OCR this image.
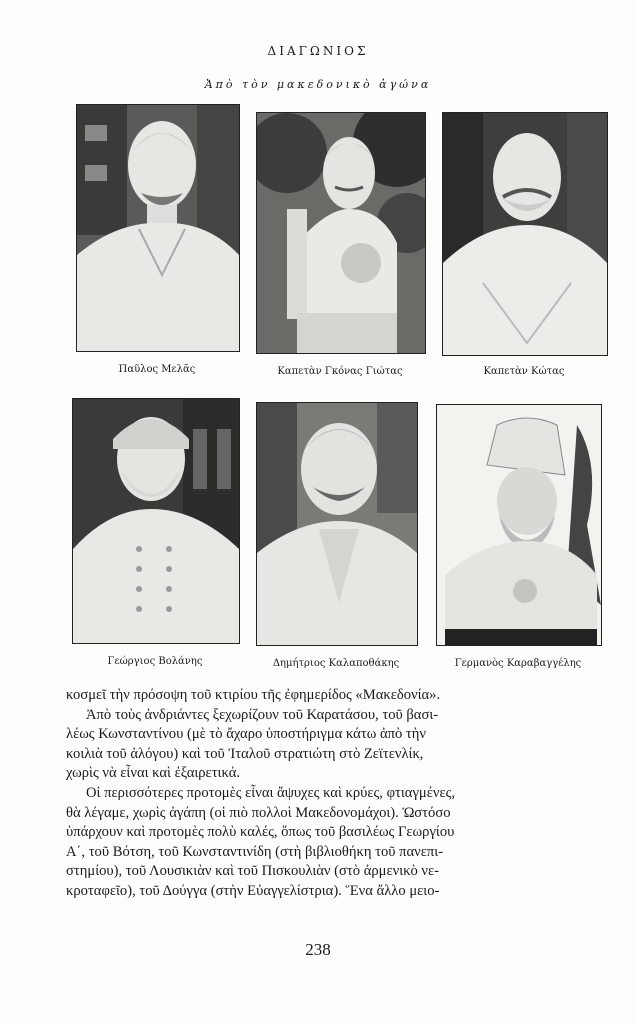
ΔΙΑΓΩΝΙΟΣ
Ἀπὸ τὸν μακεδονικὸ ἀγώνα
Παῦλος Μελᾶς	Καπετὰν Γκόνας Γιώτας	Καπετὰν Κώτας
Γεώργιος Βολάνης	Δημήτριος Καλαποθάκης	Γερμανὸς Καραβαγγέλης

κοσμεῖ τὴν πρόσοψη τοῦ κτιρίου τῆς ἐφημερίδος «Μακεδονία».

Ἀπὸ τοὺς ἀνδριάντες ξεχωρίζουν τοῦ Καρατάσου, τοῦ βασι-

λέως Κωνσταντίνου (μὲ τὸ ἄχαρο ὑποστήριγμα κάτω ἀπὸ τὴν

κοιλιὰ τοῦ ἀλόγου) καὶ τοῦ Ἰταλοῦ στρατιώτη στὸ Ζεϊτενλίκ,

χωρὶς νὰ εἶναι καὶ ἐξαιρετικά.

Οἱ περισσότερες προτομὲς εἶναι ἄψυχες καὶ κρύες, φτιαγμένες,

θὰ λέγαμε, χωρὶς ἀγάπη (οἱ πιὸ πολλοὶ Μακεδονομάχοι). Ὡστόσο

ὑπάρχουν καὶ προτομὲς πολὺ καλές, ὅπως τοῦ βασιλέως Γεωργίου

Α΄, τοῦ Βότση, τοῦ Κωνσταντινίδη (στὴ βιβλιοθήκη τοῦ πανεπι-

στημίου), τοῦ Λουσικιὰν καὶ τοῦ Πισκουλιὰν (στὸ ἀρμενικὸ νε-

κροταφεῖο), τοῦ Δούγγα (στὴν Εὐαγγελίστρια). Ἕνα ἄλλο μειο-

238
